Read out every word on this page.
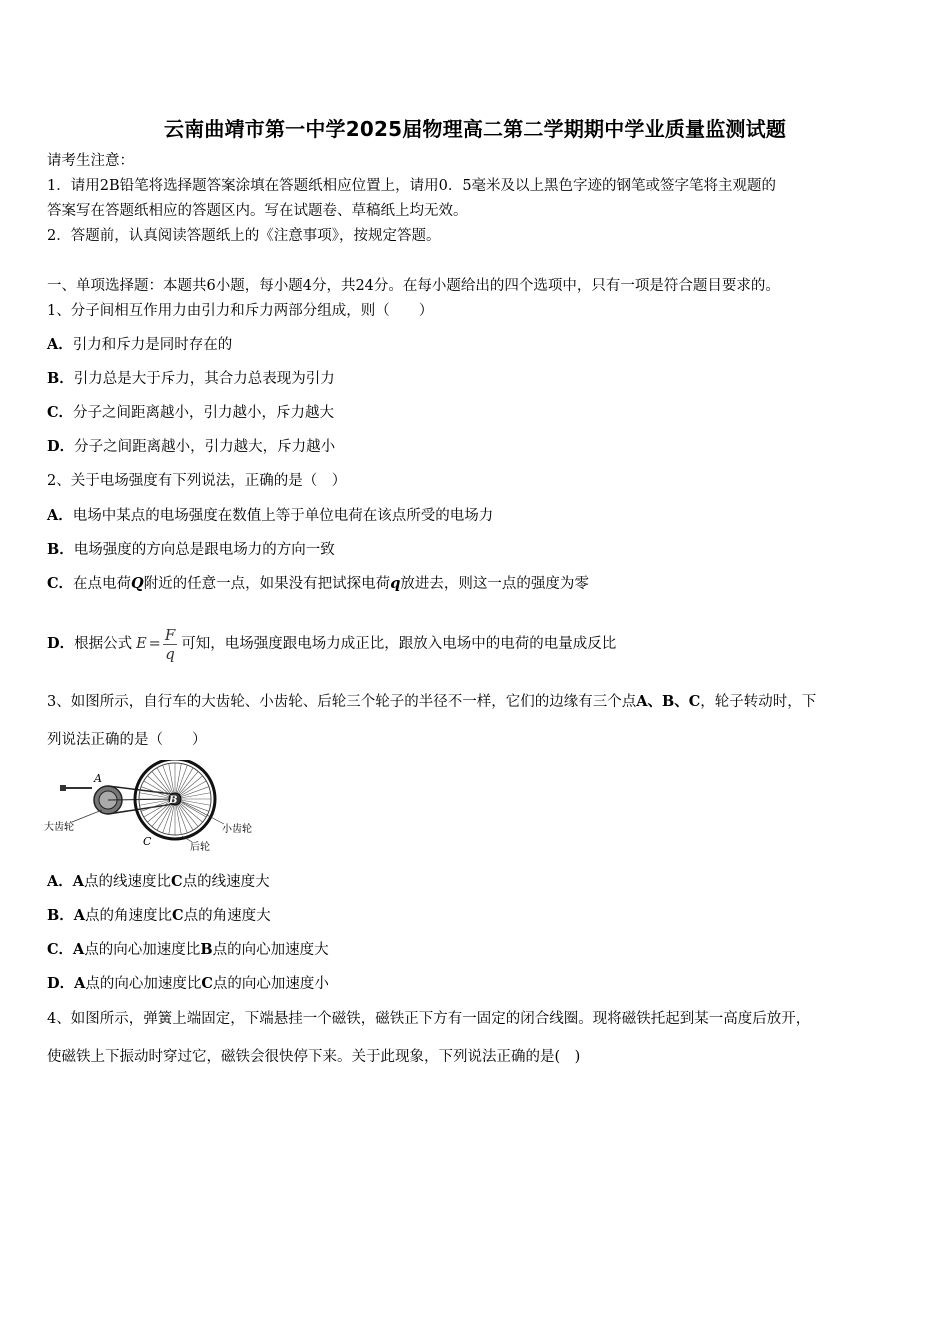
云南曲靖市第一中学2025届物理高二第二学期期中学业质量监测试题
请考生注意：
1．请用2B铅笔将选择题答案涂填在答题纸相应位置上，请用0．5毫米及以上黑色字迹的钢笔或签字笔将主观题的
答案写在答题纸相应的答题区内。写在试题卷、草稿纸上均无效。
2．答题前，认真阅读答题纸上的《注意事项》，按规定答题。
一、单项选择题：本题共6小题，每小题4分，共24分。在每小题给出的四个选项中，只有一项是符合题目要求的。
1、分子间相互作用力由引力和斥力两部分组成，则（　　）
A．引力和斥力是同时存在的
B．引力总是大于斥力，其合力总表现为引力
C．分子之间距离越小，引力越小，斥力越大
D．分子之间距离越小，引力越大，斥力越小
2、关于电场强度有下列说法，正确的是（　）
A．电场中某点的电场强度在数值上等于单位电荷在该点所受的电场力
B．电场强度的方向总是跟电场力的方向一致
C．在点电荷Q附近的任意一点，如果没有把试探电荷q放进去，则这一点的强度为零
D．根据公式 $E = \frac{F}{q}$ 可知，电场强度跟电场力成正比，跟放入电场中的电荷的电量成反比
3、如图所示，自行车的大齿轮、小齿轮、后轮三个轮子的半径不一样，它们的边缘有三个点A、B、C，轮子转动时，下
列说法正确的是（　　）
A
B
C
大齿轮	小齿轮
后轮
A．A点的线速度比C点的线速度大
B．A点的角速度比C点的角速度大
C．A点的向心加速度比B点的向心加速度大
D．A点的向心加速度比C点的向心加速度小
4、如图所示，弹簧上端固定，下端悬挂一个磁铁，磁铁正下方有一固定的闭合线圈。现将磁铁托起到某一高度后放开，
使磁铁上下振动时穿过它，磁铁会很快停下来。关于此现象，下列说法正确的是(　)
